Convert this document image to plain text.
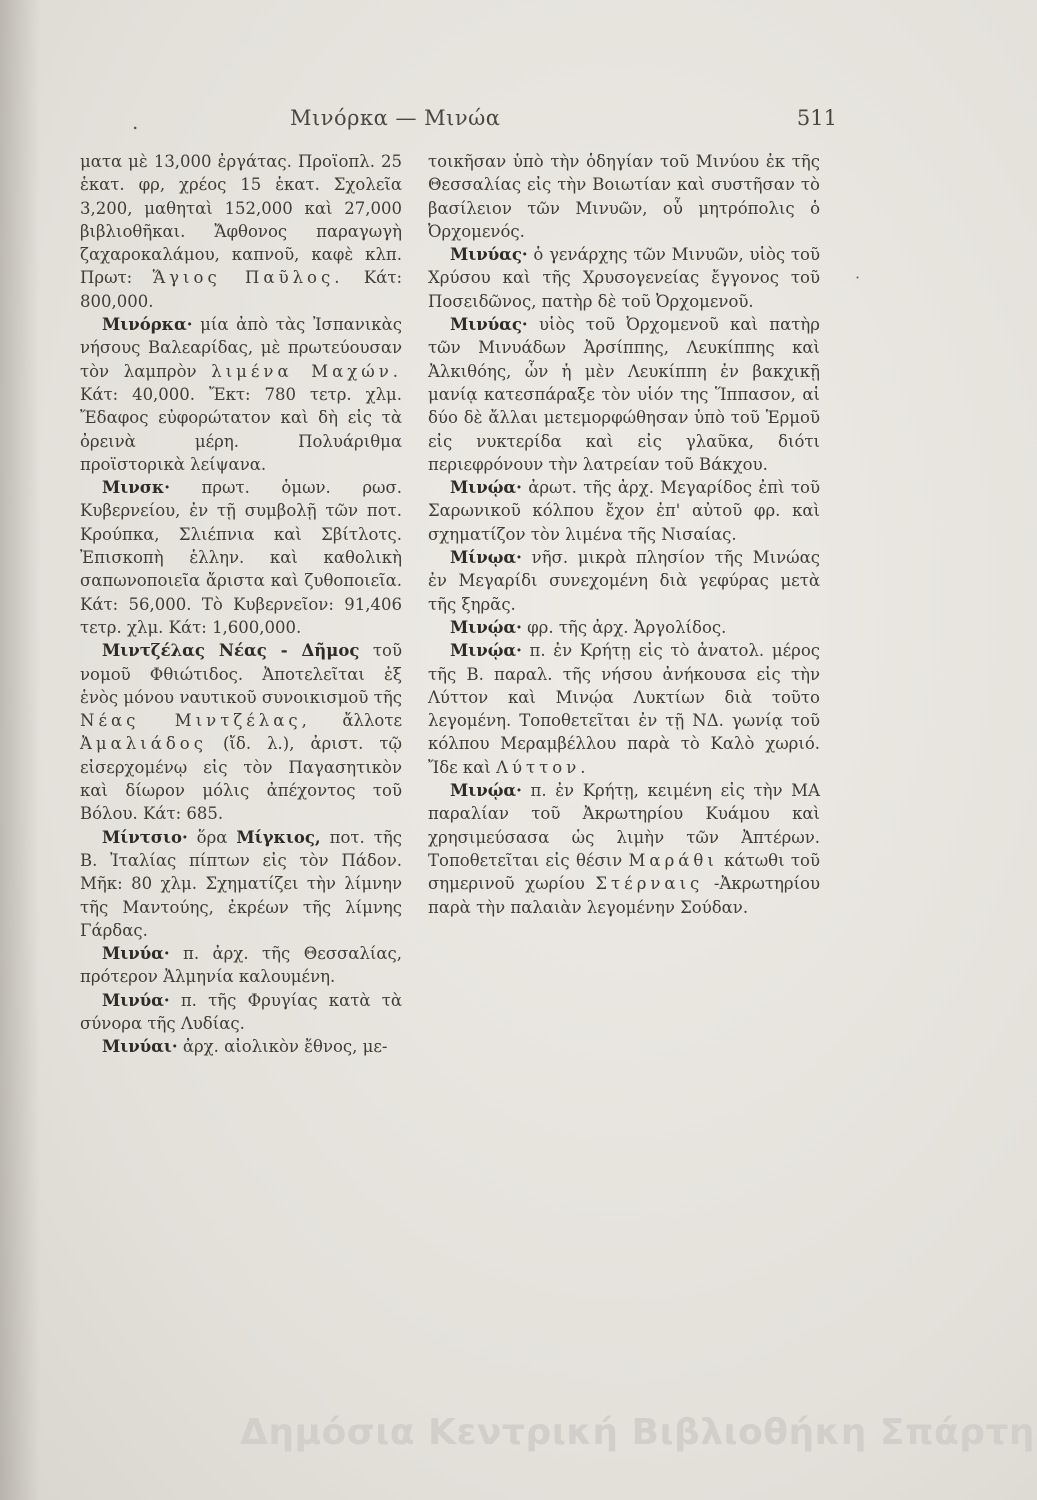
.	Μινόρκα — Μινώα	511

ματα μὲ 13,000 ἐργάτας. Προϊοπλ. 25 ἑκατ. φρ, χρέος 15 ἑκατ. Σχολεῖα 3,200, μαθηταὶ 152,000 καὶ 27,000 βιβλιοθῆκαι. Ἄφθονος παραγωγὴ ζαχαροκαλάμου, καπνοῦ, καφὲ κλπ. Πρωτ: Ἅγιος Παῦλος. Κάτ: 800,000.

Μινόρκα· μία ἀπὸ τὰς Ἰσπανικὰς νήσους Βαλεαρίδας, μὲ πρωτεύουσαν τὸν λαμπρὸν λιμένα Μαχών. Κάτ: 40,000. Ἔκτ: 780 τετρ. χλμ. Ἔδαφος εὐφορώτατον καὶ δὴ εἰς τὰ ὀρεινὰ μέρη. Πολυάριθμα προϊστορικὰ λείψανα.

Μινσκ· πρωτ. ὁμων. ρωσ. Κυβερνείου, ἐν τῇ συμβολῇ τῶν ποτ. Κρούπκα, Σλιέπνια καὶ Σβίτλοτς. Ἐπισκοπὴ ἑλλην. καὶ καθολικὴ σαπωνοποιεῖα ἄριστα καὶ ζυθοποιεῖα. Κάτ: 56,000. Τὸ Κυβερνεῖον: 91,406 τετρ. χλμ. Κάτ: 1,600,000.

Μιντζέλας Νέας - Δῆμος τοῦ νομοῦ Φθιώτιδος. Ἀποτελεῖται ἐξ ἑνὸς μόνου ναυτικοῦ συνοικισμοῦ τῆς Νέας Μιντζέλας, ἄλλοτε Ἀμαλιάδος (ἴδ. λ.), ἀριστ. τῷ εἰσερχομένῳ εἰς τὸν Παγασητικὸν καὶ δίωρον μόλις ἀπέχοντος τοῦ Βόλου. Κάτ: 685.

Μίντσιο· ὅρα Μίγκιος, ποτ. τῆς Β. Ἰταλίας πίπτων εἰς τὸν Πάδον. Μῆκ: 80 χλμ. Σχηματίζει τὴν λίμνην τῆς Μαντούης, ἐκρέων τῆς λίμνης Γάρδας.

Μινύα· π. ἀρχ. τῆς Θεσσαλίας, πρότερον Ἀλμηνία καλουμένη.

Μινύα· π. τῆς Φρυγίας κατὰ τὰ σύνορα τῆς Λυδίας.

Μινύαι· ἀρχ. αἰολικὸν ἔθνος, με-

τοικῆσαν ὑπὸ τὴν ὁδηγίαν τοῦ Μινύου ἐκ τῆς Θεσσαλίας εἰς τὴν Βοιωτίαν καὶ συστῆσαν τὸ βασίλειον τῶν Μινυῶν, οὗ μητρόπολις ὁ Ὀρχομενός.

Μινύας· ὁ γενάρχης τῶν Μινυῶν, υἱὸς τοῦ Χρύσου καὶ τῆς Χρυσογενείας ἔγγονος τοῦ Ποσειδῶνος, πατὴρ δὲ τοῦ Ὀρχομενοῦ.

Μινύας· υἱὸς τοῦ Ὀρχομενοῦ καὶ πατὴρ τῶν Μινυάδων Ἀρσίππης, Λευκίππης καὶ Ἀλκιθόης, ὧν ἡ μὲν Λευκίππη ἐν βακχικῇ μανίᾳ κατεσπάραξε τὸν υἱόν της Ἵππασον, αἱ δύο δὲ ἄλλαι μετεμορφώθησαν ὑπὸ τοῦ Ἑρμοῦ εἰς νυκτερίδα καὶ εἰς γλαῦκα, διότι περιεφρόνουν τὴν λατρείαν τοῦ Βάκχου.

Μινῴα· ἀρωτ. τῆς ἀρχ. Μεγαρίδος ἐπὶ τοῦ Σαρωνικοῦ κόλπου ἔχον ἐπ' αὐτοῦ φρ. καὶ σχηματίζον τὸν λιμένα τῆς Νισαίας.

Μίνῳα· νῆσ. μικρὰ πλησίον τῆς Μινώας ἐν Μεγαρίδι συνεχομένη διὰ γεφύρας μετὰ τῆς ξηρᾶς.

Μινῴα· φρ. τῆς ἀρχ. Ἀργολίδος.

Μινῴα· π. ἐν Κρήτῃ εἰς τὸ ἀνατολ. μέρος τῆς Β. παραλ. τῆς νήσου ἀνήκουσα εἰς τὴν Λύττον καὶ Μινῴα Λυκτίων διὰ τοῦτο λεγομένη. Τοποθετεῖται ἐν τῇ ΝΔ. γωνίᾳ τοῦ κόλπου Μεραμβέλλου παρὰ τὸ Καλὸ χωριό. Ἴδε καὶ Λύττον.

Μινῴα· π. ἐν Κρήτῃ, κειμένη εἰς τὴν ΜΑ παραλίαν τοῦ Ἀκρωτηρίου Κυάμου καὶ χρησιμεύσασα ὡς λιμὴν τῶν Ἀπτέρων. Τοποθετεῖται εἰς θέσιν Μαράθι κάτωθι τοῦ σημερινοῦ χωρίου Στέρναις -Ἀκρωτηρίου παρὰ τὴν παλαιὰν λεγομένην Σούδαν.

·
Δημόσια Κεντρική Βιβλιοθήκη Σπάρτη
